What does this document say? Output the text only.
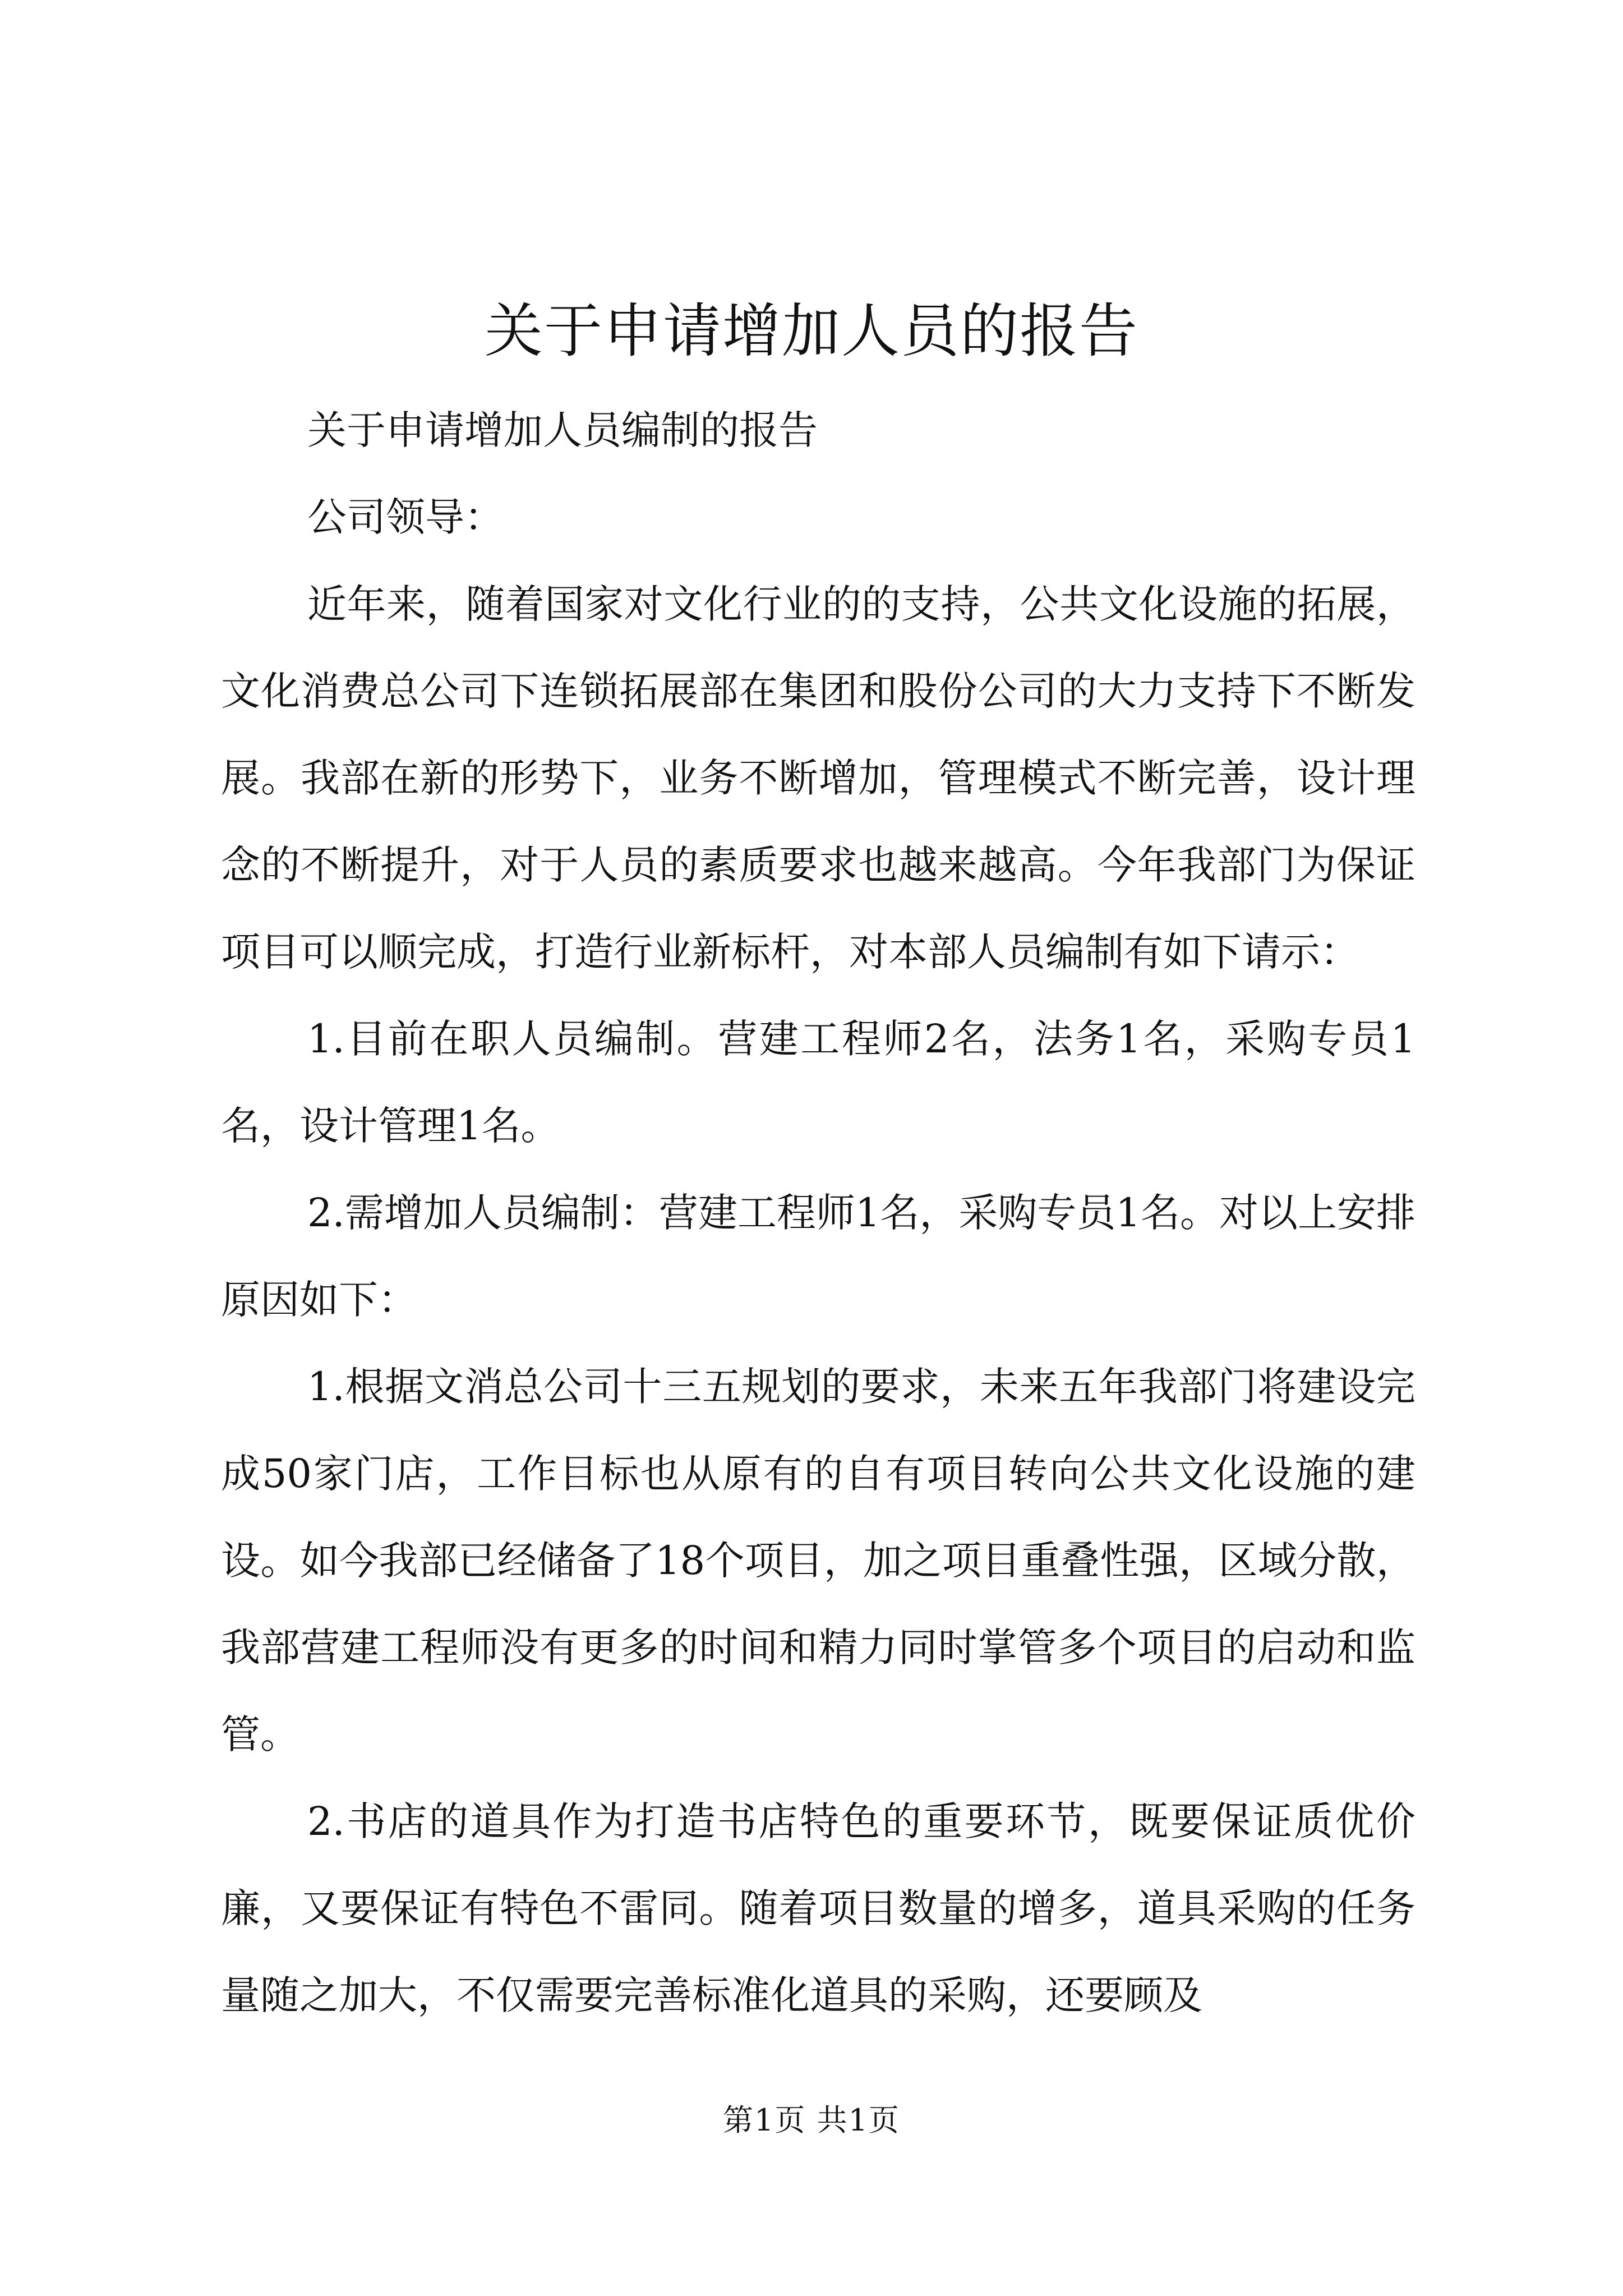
关于申请增加人员的报告

关于申请增加人员编制的报告

公司领导：

近年来，随着国家对文化行业的的支持，公共文化设施的拓展，文化消费总公司下连锁拓展部在集团和股份公司的大力支持下不断发展。我部在新的形势下，业务不断增加，管理模式不断完善，设计理念的不断提升，对于人员的素质要求也越来越高。今年我部门为保证项目可以顺完成，打造行业新标杆，对本部人员编制有如下请示：

1.目前在职人员编制。营建工程师2名，法务1名，采购专员1名，设计管理1名。

2.需增加人员编制：营建工程师1名，采购专员1名。对以上安排原因如下：

1.根据文消总公司十三五规划的要求，未来五年我部门将建设完成50家门店，工作目标也从原有的自有项目转向公共文化设施的建设。如今我部已经储备了18个项目，加之项目重叠性强，区域分散，我部营建工程师没有更多的时间和精力同时掌管多个项目的启动和监管。

2.书店的道具作为打造书店特色的重要环节，既要保证质优价廉，又要保证有特色不雷同。随着项目数量的增多，道具采购的任务量随之加大，不仅需要完善标准化道具的采购，还要顾及

第1页 共1页
